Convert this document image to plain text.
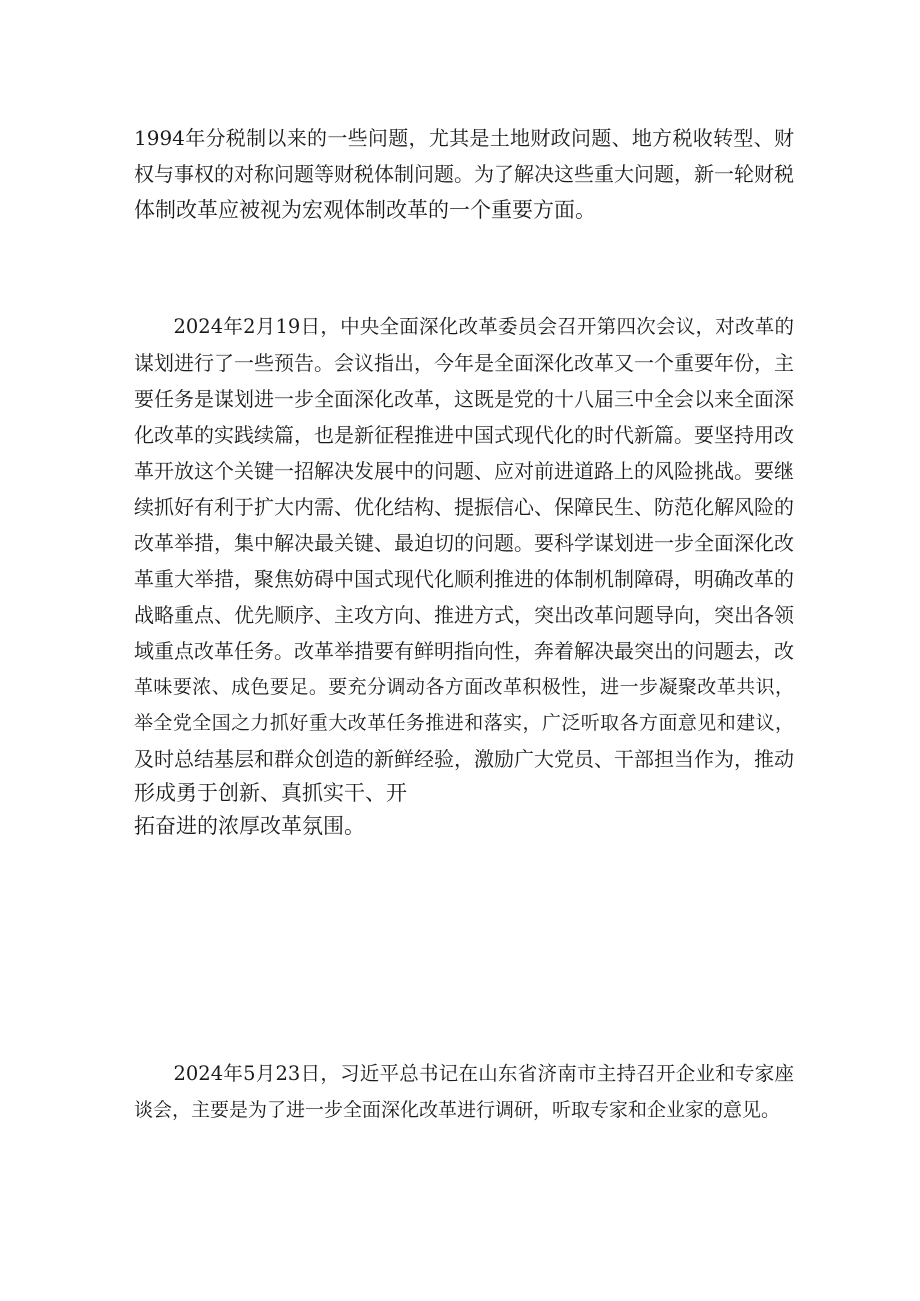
1994年分税制以来的一些问题，尤其是土地财政问题、地方税收转型、财
权与事权的对称问题等财税体制问题。为了解决这些重大问题，新一轮财税
体制改革应被视为宏观体制改革的一个重要方面。
　　2024年2月19日，中央全面深化改革委员会召开第四次会议，对改革的
谋划进行了一些预告。会议指出，今年是全面深化改革又一个重要年份，主
要任务是谋划进一步全面深化改革，这既是党的十八届三中全会以来全面深
化改革的实践续篇，也是新征程推进中国式现代化的时代新篇。要坚持用改
革开放这个关键一招解决发展中的问题、应对前进道路上的风险挑战。要继
续抓好有利于扩大内需、优化结构、提振信心、保障民生、防范化解风险的
改革举措，集中解决最关键、最迫切的问题。要科学谋划进一步全面深化改
革重大举措，聚焦妨碍中国式现代化顺利推进的体制机制障碍，明确改革的
战略重点、优先顺序、主攻方向、推进方式，突出改革问题导向，突出各领
域重点改革任务。改革举措要有鲜明指向性，奔着解决最突出的问题去，改
革味要浓、成色要足。要充分调动各方面改革积极性，进一步凝聚改革共识，
举全党全国之力抓好重大改革任务推进和落实，广泛听取各方面意见和建议，
及时总结基层和群众创造的新鲜经验，激励广大党员、干部担当作为，推动
形成勇于创新、真抓实干、开
拓奋进的浓厚改革氛围。
　　2024年5月23日，习近平总书记在山东省济南市主持召开企业和专家座
谈会，主要是为了进一步全面深化改革进行调研，听取专家和企业家的意见。
